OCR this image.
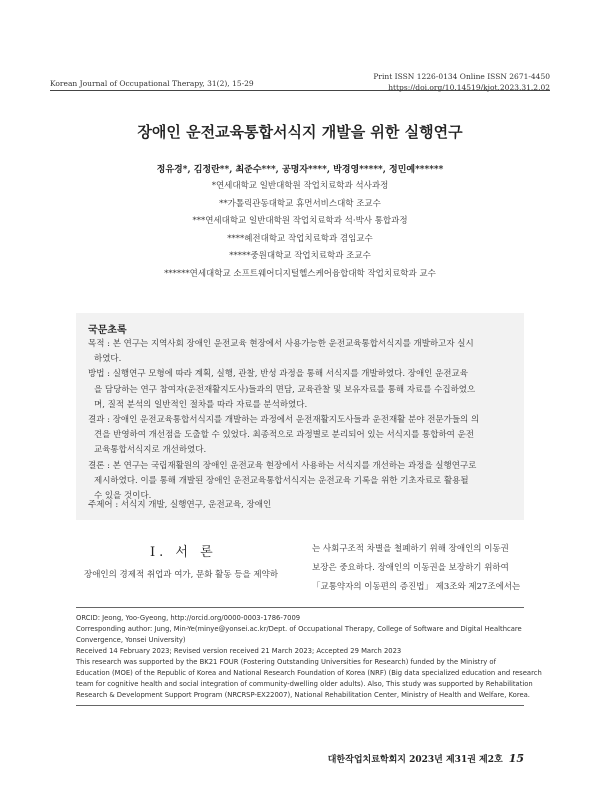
Korean Journal of Occupational Therapy, 31(2), 15-29
Print ISSN 1226-0134 Online ISSN 2671-4450
https://doi.org/10.14519/kjot.2023.31.2.02
장애인 운전교육통합서식지 개발을 위한 실행연구
정유경*, 김정란**, 최준수***, 공명자****, 박경영*****, 정민예******
*연세대학교 일반대학원 작업치료학과 석사과정
**가톨릭관동대학교 휴먼서비스대학 조교수
***연세대학교 일반대학원 작업치료학과 석·박사 통합과정
****혜전대학교 작업치료학과 겸임교수
*****중원대학교 작업치료학과 조교수
******연세대학교 소프트웨어디지털헬스케어융합대학 작업치료학과 교수
국문초록
목적 : 본 연구는 지역사회 장애인 운전교육 현장에서 사용가능한 운전교육통합서식지를 개발하고자 실시
하였다.
방법 : 실행연구 모형에 따라 계획, 실행, 관찰, 반성 과정을 통해 서식지를 개발하였다. 장애인 운전교육
을 담당하는 연구 참여자(운전재활지도사)들과의 면담, 교육관찰 및 보유자료를 통해 자료를 수집하였으
며, 질적 분석의 일반적인 절차를 따라 자료를 분석하였다.
결과 : 장애인 운전교육통합서식지를 개발하는 과정에서 운전재활지도사들과 운전재활 분야 전문가들의 의
견을 반영하여 개선점을 도출할 수 있었다. 최종적으로 과정별로 분리되어 있는 서식지를 통합하여 운전
교육통합서식지로 개선하였다.
결론 : 본 연구는 국립재활원의 장애인 운전교육 현장에서 사용하는 서식지를 개선하는 과정을 실행연구로
제시하였다. 이를 통해 개발된 장애인 운전교육통합서식지는 운전교육 기록을 위한 기초자료로 활용될
수 있을 것이다.
I. 서 론
장애인의 경제적 취업과 여가, 문화 활동 등을 제약하
는 사회구조적 차별을 철폐하기 위해 장애인의 이동권
보장은 중요하다. 장애인의 이동권을 보장하기 위하여
「교통약자의 이동편의 증진법」 제3조와 제27조에서는
ORCID: Jeong, Yoo-Gyeong, http://orcid.org/0000-0003-1786-7009
Corresponding author: Jung, Min-Ye(minye@yonsei.ac.kr/Dept. of Occupational Therapy, College of Software and Digital Healthcare
Convergence, Yonsei University)
Received 14 February 2023; Revised version received 21 March 2023; Accepted 29 March 2023
This research was supported by the BK21 FOUR (Fostering Outstanding Universities for Research) funded by the Ministry of
Education (MOE) of the Republic of Korea and National Research Foundation of Korea (NRF) (Big data specialized education and research
team for cognitive health and social integration of community-dwelling older adults). Also, This study was supported by Rehabilitation
Research & Development Support Program (NRCRSP-EX22007), National Rehabilitation Center, Ministry of Health and Welfare, Korea.
대한작업치료학회지 2023년 제31권 제2호 15
주제어 : 서식지 개발, 실행연구, 운전교육, 장애인
